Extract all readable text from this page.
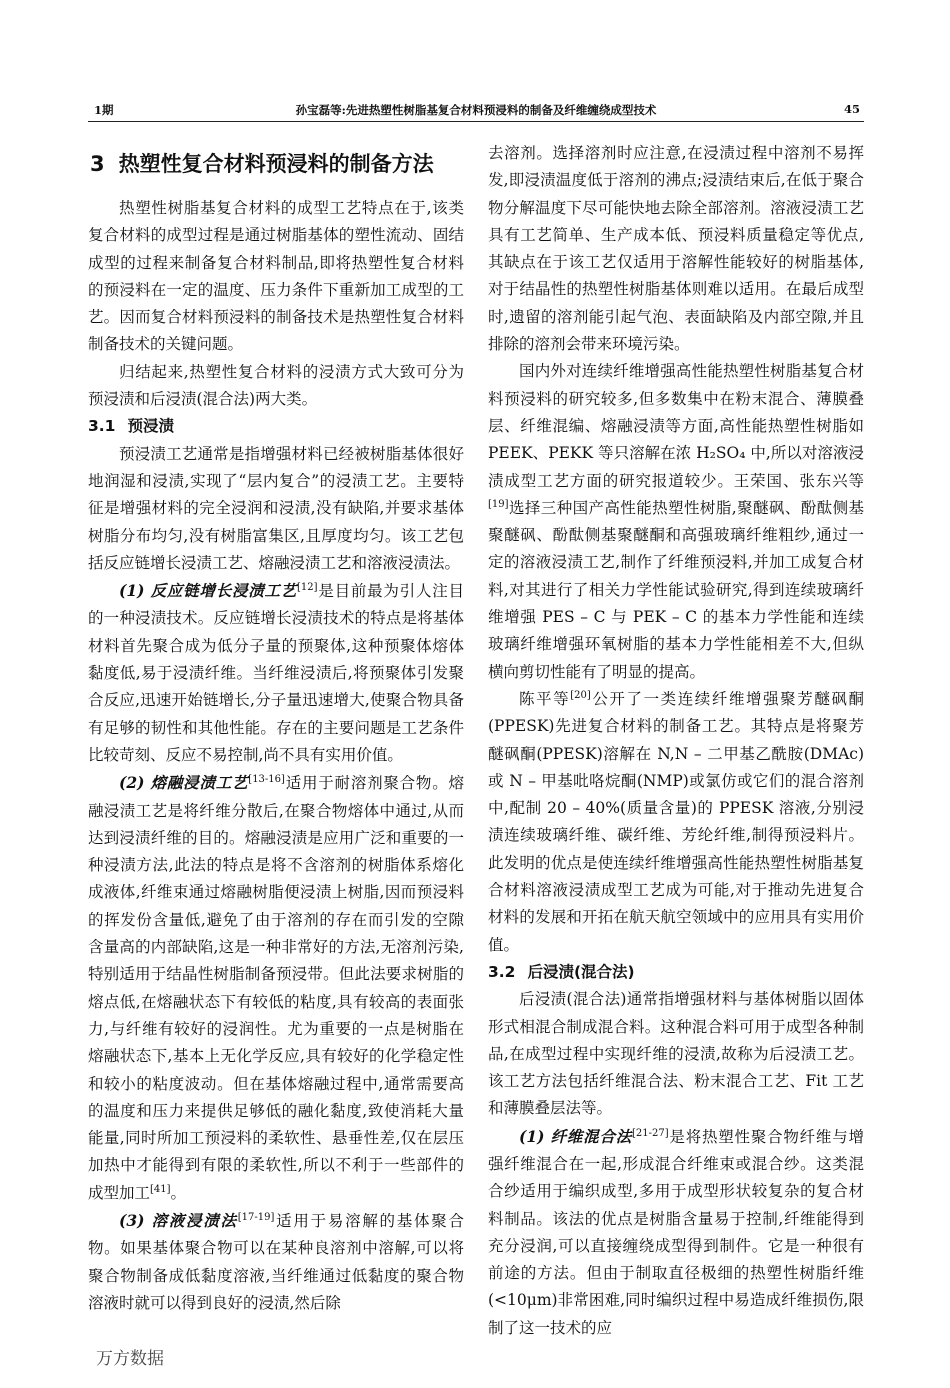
1期	孙宝磊等:先进热塑性树脂基复合材料预浸料的制备及纤维缠绕成型技术	45
3 热塑性复合材料预浸料的制备方法

热塑性树脂基复合材料的成型工艺特点在于,该类复合材料的成型过程是通过树脂基体的塑性流动、固结成型的过程来制备复合材料制品,即将热塑性复合材料的预浸料在一定的温度、压力条件下重新加工成型的工艺。因而复合材料预浸料的制备技术是热塑性复合材料制备技术的关键问题。

归结起来,热塑性复合材料的浸渍方式大致可分为预浸渍和后浸渍(混合法)两大类。

3.1 预浸渍

预浸渍工艺通常是指增强材料已经被树脂基体很好地润湿和浸渍,实现了“层内复合”的浸渍工艺。主要特征是增强材料的完全浸润和浸渍,没有缺陷,并要求基体树脂分布均匀,没有树脂富集区,且厚度均匀。该工艺包括反应链增长浸渍工艺、熔融浸渍工艺和溶液浸渍法。

(1) 反应链增长浸渍工艺[12]是目前最为引人注目的一种浸渍技术。反应链增长浸渍技术的特点是将基体材料首先聚合成为低分子量的预聚体,这种预聚体熔体黏度低,易于浸渍纤维。当纤维浸渍后,将预聚体引发聚合反应,迅速开始链增长,分子量迅速增大,使聚合物具备有足够的韧性和其他性能。存在的主要问题是工艺条件比较苛刻、反应不易控制,尚不具有实用价值。

(2) 熔融浸渍工艺[13-16]适用于耐溶剂聚合物。熔融浸渍工艺是将纤维分散后,在聚合物熔体中通过,从而达到浸渍纤维的目的。熔融浸渍是应用广泛和重要的一种浸渍方法,此法的特点是将不含溶剂的树脂体系熔化成液体,纤维束通过熔融树脂便浸渍上树脂,因而预浸料的挥发份含量低,避免了由于溶剂的存在而引发的空隙含量高的内部缺陷,这是一种非常好的方法,无溶剂污染,特别适用于结晶性树脂制备预浸带。但此法要求树脂的熔点低,在熔融状态下有较低的粘度,具有较高的表面张力,与纤维有较好的浸润性。尤为重要的一点是树脂在熔融状态下,基本上无化学反应,具有较好的化学稳定性和较小的粘度波动。但在基体熔融过程中,通常需要高的温度和压力来提供足够低的融化黏度,致使消耗大量能量,同时所加工预浸料的柔软性、悬垂性差,仅在层压加热中才能得到有限的柔软性,所以不利于一些部件的成型加工[41]。

(3) 溶液浸渍法[17-19]适用于易溶解的基体聚合物。如果基体聚合物可以在某种良溶剂中溶解,可以将聚合物制备成低黏度溶液,当纤维通过低黏度的聚合物溶液时就可以得到良好的浸渍,然后除

去溶剂。选择溶剂时应注意,在浸渍过程中溶剂不易挥发,即浸渍温度低于溶剂的沸点;浸渍结束后,在低于聚合物分解温度下尽可能快地去除全部溶剂。溶液浸渍工艺具有工艺简单、生产成本低、预浸料质量稳定等优点,其缺点在于该工艺仅适用于溶解性能较好的树脂基体,对于结晶性的热塑性树脂基体则难以适用。在最后成型时,遗留的溶剂能引起气泡、表面缺陷及内部空隙,并且排除的溶剂会带来环境污染。

国内外对连续纤维增强高性能热塑性树脂基复合材料预浸料的研究较多,但多数集中在粉末混合、薄膜叠层、纤维混编、熔融浸渍等方面,高性能热塑性树脂如 PEEK、PEKK 等只溶解在浓 H₂SO₄ 中,所以对溶液浸渍成型工艺方面的研究报道较少。王荣国、张东兴等[19]选择三种国产高性能热塑性树脂,聚醚砜、酚酞侧基聚醚砜、酚酞侧基聚醚酮和高强玻璃纤维粗纱,通过一定的溶液浸渍工艺,制作了纤维预浸料,并加工成复合材料,对其进行了相关力学性能试验研究,得到连续玻璃纤维增强 PES – C 与 PEK – C 的基本力学性能和连续玻璃纤维增强环氧树脂的基本力学性能相差不大,但纵横向剪切性能有了明显的提高。

陈平等[20]公开了一类连续纤维增强聚芳醚砜酮(PPESK)先进复合材料的制备工艺。其特点是将聚芳醚砜酮(PPESK)溶解在 N,N – 二甲基乙酰胺(DMAc)或 N – 甲基吡咯烷酮(NMP)或氯仿或它们的混合溶剂中,配制 20 – 40%(质量含量)的 PPESK 溶液,分别浸渍连续玻璃纤维、碳纤维、芳纶纤维,制得预浸料片。此发明的优点是使连续纤维增强高性能热塑性树脂基复合材料溶液浸渍成型工艺成为可能,对于推动先进复合材料的发展和开拓在航天航空领域中的应用具有实用价值。

3.2 后浸渍(混合法)

后浸渍(混合法)通常指增强材料与基体树脂以固体形式相混合制成混合料。这种混合料可用于成型各种制品,在成型过程中实现纤维的浸渍,故称为后浸渍工艺。该工艺方法包括纤维混合法、粉末混合工艺、Fit 工艺和薄膜叠层法等。

(1) 纤维混合法[21-27]是将热塑性聚合物纤维与增强纤维混合在一起,形成混合纤维束或混合纱。这类混合纱适用于编织成型,多用于成型形状较复杂的复合材料制品。该法的优点是树脂含量易于控制,纤维能得到充分浸润,可以直接缠绕成型得到制件。它是一种很有前途的方法。但由于制取直径极细的热塑性树脂纤维(<10μm)非常困难,同时编织过程中易造成纤维损伤,限制了这一技术的应

万方数据
